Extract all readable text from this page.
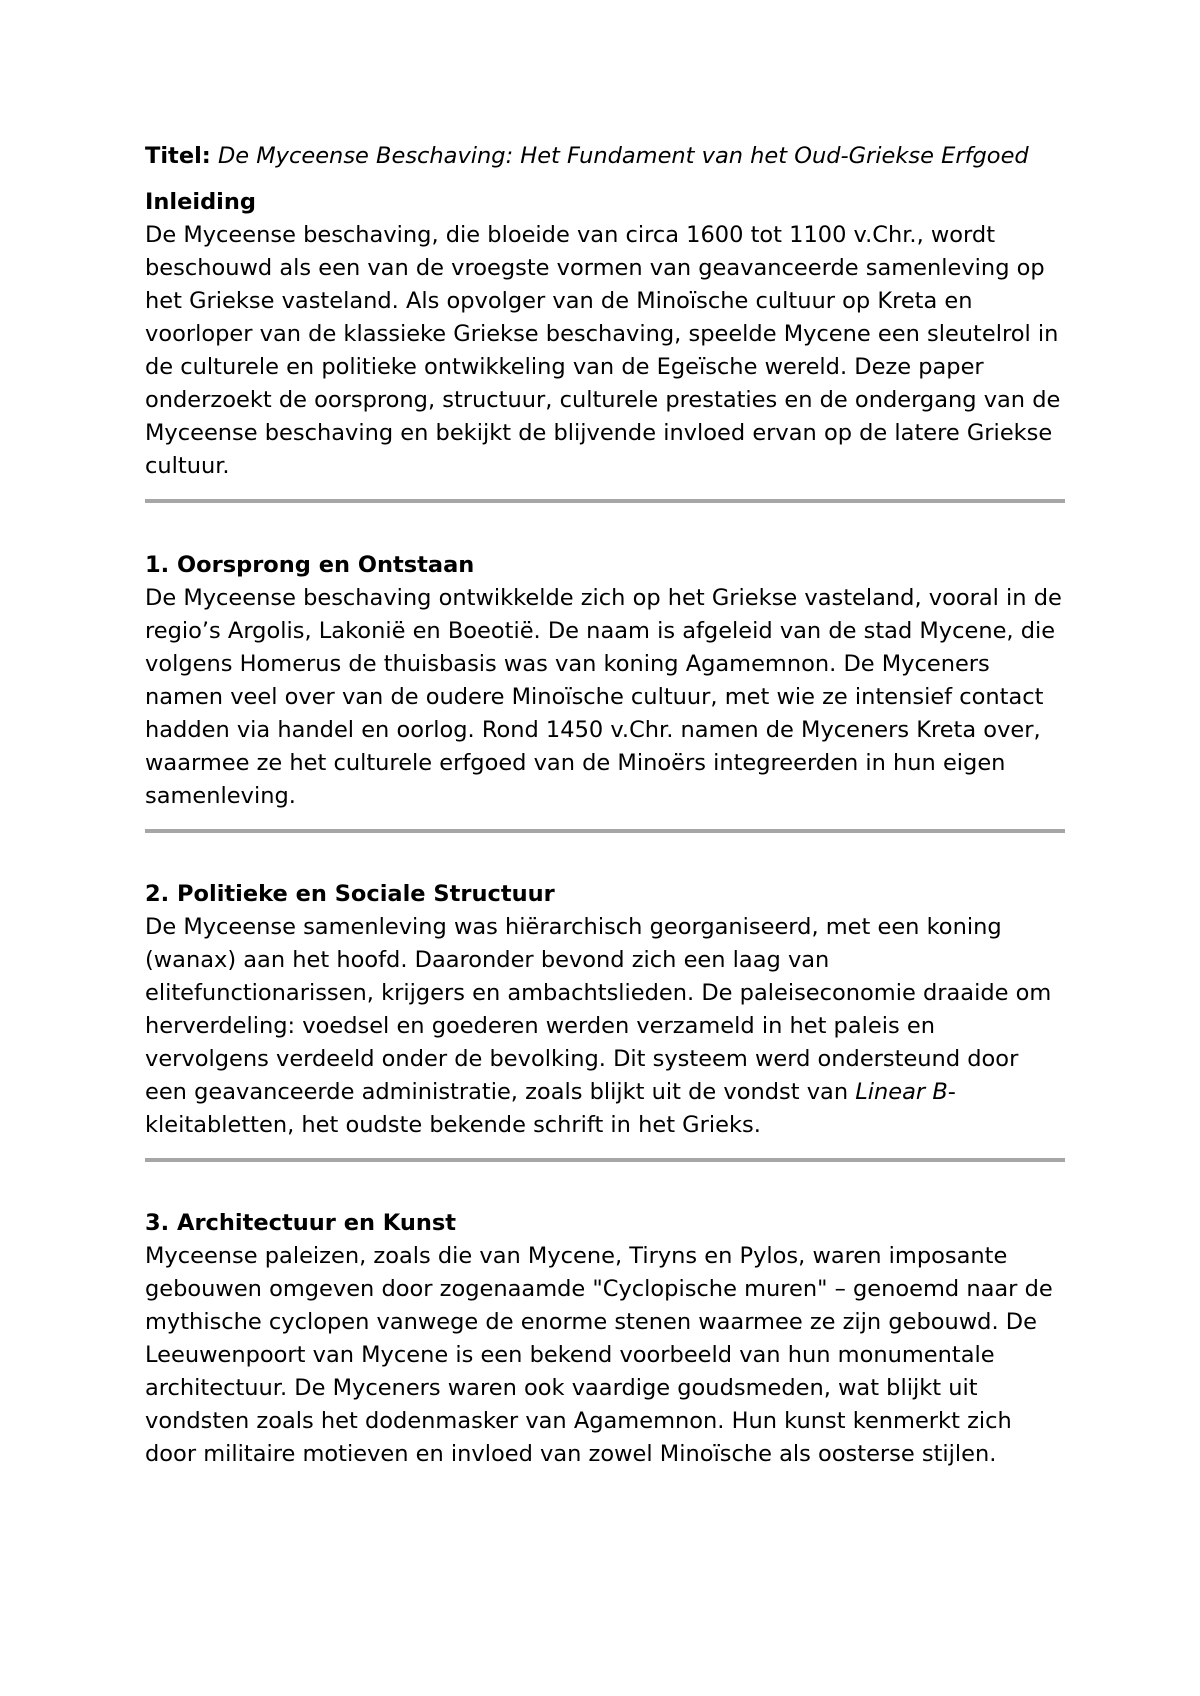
Titel: De Myceense Beschaving: Het Fundament van het Oud-Griekse Erfgoed

Inleiding

De Myceense beschaving, die bloeide van circa 1600 tot 1100 v.Chr., wordt beschouwd als een van de vroegste vormen van geavanceerde samenleving op het Griekse vasteland. Als opvolger van de Minoïsche cultuur op Kreta en voorloper van de klassieke Griekse beschaving, speelde Mycene een sleutelrol in de culturele en politieke ontwikkeling van de Egeïsche wereld. Deze paper onderzoekt de oorsprong, structuur, culturele prestaties en de ondergang van de Myceense beschaving en bekijkt de blijvende invloed ervan op de latere Griekse cultuur.

1. Oorsprong en Ontstaan

De Myceense beschaving ontwikkelde zich op het Griekse vasteland, vooral in de regio’s Argolis, Lakonië en Boeotië. De naam is afgeleid van de stad Mycene, die volgens Homerus de thuisbasis was van koning Agamemnon. De Myceners namen veel over van de oudere Minoïsche cultuur, met wie ze intensief contact hadden via handel en oorlog. Rond 1450 v.Chr. namen de Myceners Kreta over, waarmee ze het culturele erfgoed van de Minoërs integreerden in hun eigen samenleving.

2. Politieke en Sociale Structuur

De Myceense samenleving was hiërarchisch georganiseerd, met een koning (wanax) aan het hoofd. Daaronder bevond zich een laag van elitefunctionarissen, krijgers en ambachtslieden. De paleiseconomie draaide om herverdeling: voedsel en goederen werden verzameld in het paleis en vervolgens verdeeld onder de bevolking. Dit systeem werd ondersteund door een geavanceerde administratie, zoals blijkt uit de vondst van Linear B-kleitabletten, het oudste bekende schrift in het Grieks.

3. Architectuur en Kunst

Myceense paleizen, zoals die van Mycene, Tiryns en Pylos, waren imposante gebouwen omgeven door zogenaamde "Cyclopische muren" – genoemd naar de mythische cyclopen vanwege de enorme stenen waarmee ze zijn gebouwd. De Leeuwenpoort van Mycene is een bekend voorbeeld van hun monumentale architectuur. De Myceners waren ook vaardige goudsmeden, wat blijkt uit vondsten zoals het dodenmasker van Agamemnon. Hun kunst kenmerkt zich door militaire motieven en invloed van zowel Minoïsche als oosterse stijlen.
